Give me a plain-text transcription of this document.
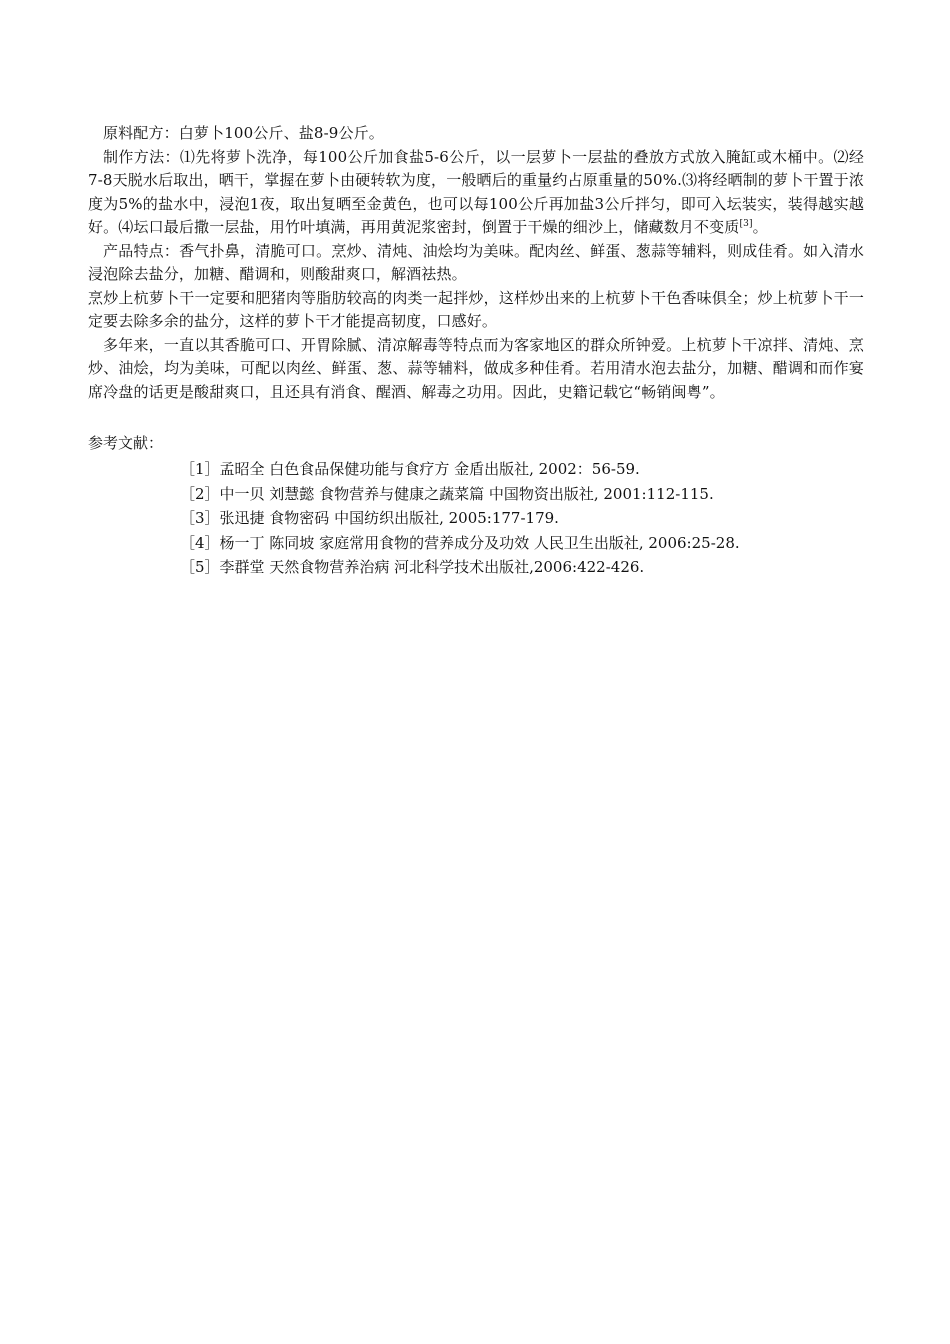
原料配方：白萝卜100公斤、盐8-9公斤。

制作方法：⑴先将萝卜洗净，每100公斤加食盐5-6公斤，以一层萝卜一层盐的叠放方式放入腌缸或木桶中。⑵经7-8天脱水后取出，晒干，掌握在萝卜由硬转软为度，一般晒后的重量约占原重量的50%.⑶将经晒制的萝卜干置于浓度为5%的盐水中，浸泡1夜，取出复晒至金黄色，也可以每100公斤再加盐3公斤拌匀，即可入坛装实，装得越实越好。⑷坛口最后撒一层盐，用竹叶填满，再用黄泥浆密封，倒置于干燥的细沙上，储藏数月不变质[3]。

产品特点：香气扑鼻，清脆可口。烹炒、清炖、油烩均为美味。配肉丝、鲜蛋、葱蒜等辅料，则成佳肴。如入清水浸泡除去盐分，加糖、醋调和，则酸甜爽口，解酒祛热。

烹炒上杭萝卜干一定要和肥猪肉等脂肪较高的肉类一起拌炒，这样炒出来的上杭萝卜干色香味俱全；炒上杭萝卜干一定要去除多余的盐分，这样的萝卜干才能提高韧度，口感好。

多年来，一直以其香脆可口、开胃除腻、清凉解毒等特点而为客家地区的群众所钟爱。上杭萝卜干凉拌、清炖、烹炒、油烩，均为美味，可配以肉丝、鲜蛋、葱、蒜等辅料，做成多种佳肴。若用清水泡去盐分，加糖、醋调和而作宴席冷盘的话更是酸甜爽口，且还具有消食、醒酒、解毒之功用。因此，史籍记载它“畅销闽粤”。

参考文献：
［1］孟昭全 白色食品保健功能与食疗方 金盾出版社, 2002：56-59.
［2］中一贝 刘慧懿 食物营养与健康之蔬菜篇 中国物资出版社, 2001:112-115.
［3］张迅捷 食物密码 中国纺织出版社, 2005:177-179.
［4］杨一丁 陈同坡 家庭常用食物的营养成分及功效 人民卫生出版社, 2006:25-28.
［5］李群堂 天然食物营养治病 河北科学技术出版社,2006:422-426.
